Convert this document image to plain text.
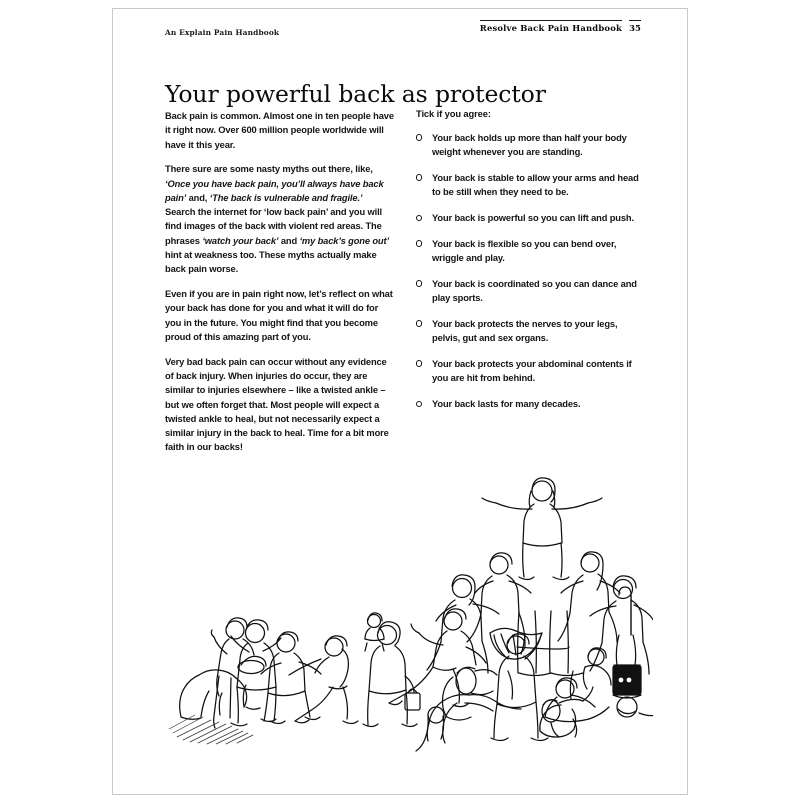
An Explain Pain Handbook	Resolve Back Pain Handbook 35
Your powerful back as protector

Back pain is common. Almost one in ten people have it right now. Over 600 million people worldwide will have it this year.

There sure are some nasty myths out there, like, ‘Once you have back pain, you’ll always have back pain’ and, ‘The back is vulnerable and fragile.’ Search the internet for ‘low back pain’ and you will find images of the back with violent red areas. The phrases ‘watch your back’ and ‘my back’s gone out’ hint at weakness too. These myths actually make back pain worse.

Even if you are in pain right now, let’s reflect on what your back has done for you and what it will do for you in the future. You might find that you become proud of this amazing part of you.

Very bad back pain can occur without any evidence of back injury. When injuries do occur, they are similar to injuries elsewhere – like a twisted ankle – but we often forget that. Most people will expect a twisted ankle to heal, but not necessarily expect a similar injury in the back to heal. Time for a bit more faith in our backs!

Tick if you agree:
Your back holds up more than half your body weight whenever you are standing.
Your back is stable to allow your arms and head to be still when they need to be.
Your back is powerful so you can lift and push.
Your back is flexible so you can bend over, wriggle and play.
Your back is coordinated so you can dance and play sports.
Your back protects the nerves to your legs, pelvis, gut and sex organs.
Your back protects your abdominal contents if you are hit from behind.
Your back lasts for many decades.
